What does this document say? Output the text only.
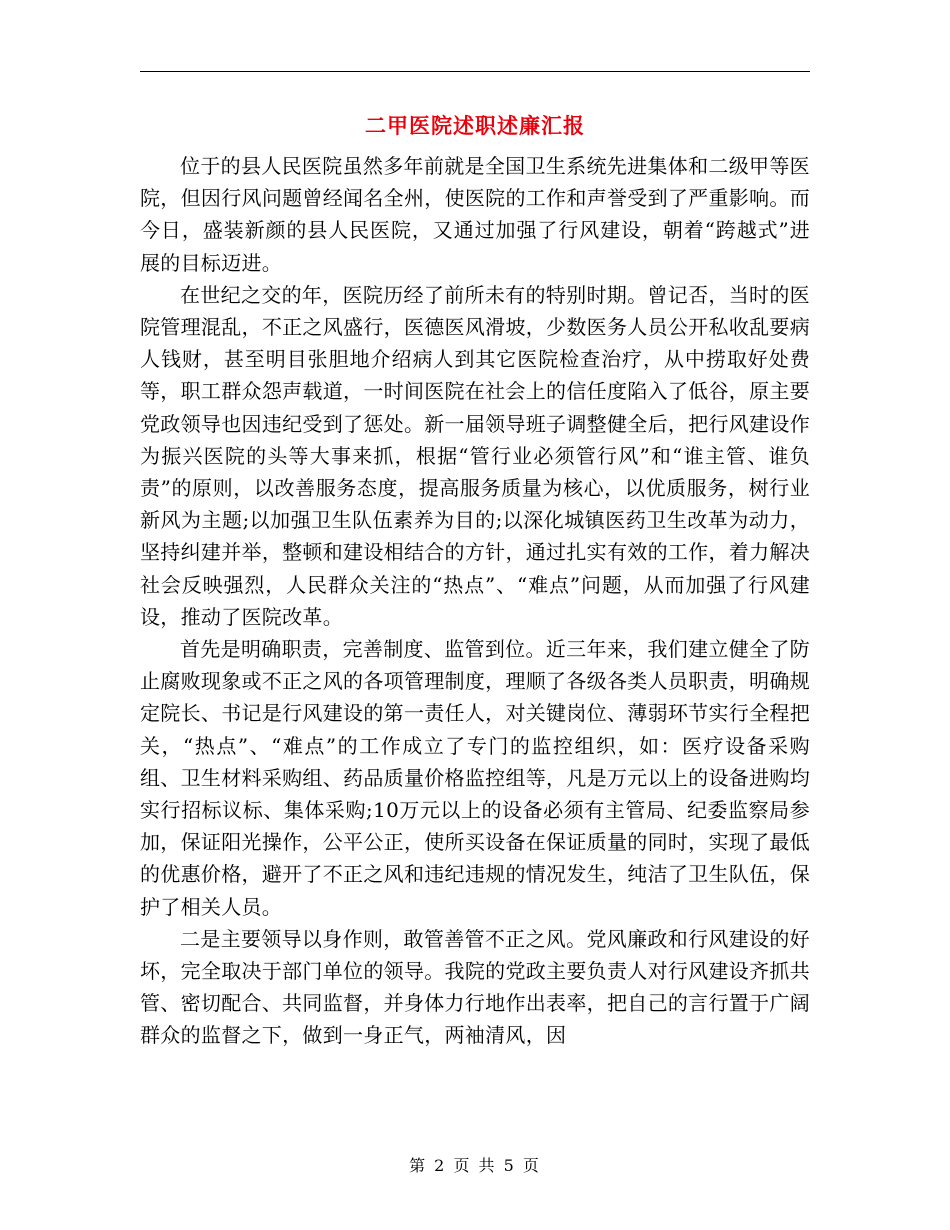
二甲医院述职述廉汇报

位于的县人民医院虽然多年前就是全国卫生系统先进集体和二级甲等医院，但因行风问题曾经闻名全州，使医院的工作和声誉受到了严重影响。而今日，盛装新颜的县人民医院，又通过加强了行风建设，朝着“跨越式”进展的目标迈进。

在世纪之交的年，医院历经了前所未有的特别时期。曾记否，当时的医院管理混乱，不正之风盛行，医德医风滑坡，少数医务人员公开私收乱要病人钱财，甚至明目张胆地介绍病人到其它医院检查治疗，从中捞取好处费等，职工群众怨声载道，一时间医院在社会上的信任度陷入了低谷，原主要党政领导也因违纪受到了惩处。新一届领导班子调整健全后，把行风建设作为振兴医院的头等大事来抓，根据“管行业必须管行风”和“谁主管、谁负责”的原则，以改善服务态度，提高服务质量为核心，以优质服务，树行业新风为主题;以加强卫生队伍素养为目的;以深化城镇医药卫生改革为动力，坚持纠建并举，整顿和建设相结合的方针，通过扎实有效的工作，着力解决社会反映强烈，人民群众关注的“热点”、“难点”问题，从而加强了行风建设，推动了医院改革。

首先是明确职责，完善制度、监管到位。近三年来，我们建立健全了防止腐败现象或不正之风的各项管理制度，理顺了各级各类人员职责，明确规定院长、书记是行风建设的第一责任人，对关键岗位、薄弱环节实行全程把关，“热点”、“难点”的工作成立了专门的监控组织，如：医疗设备采购组、卫生材料采购组、药品质量价格监控组等，凡是万元以上的设备进购均实行招标议标、集体采购;10万元以上的设备必须有主管局、纪委监察局参加，保证阳光操作，公平公正，使所买设备在保证质量的同时，实现了最低的优惠价格，避开了不正之风和违纪违规的情况发生，纯洁了卫生队伍，保护了相关人员。

二是主要领导以身作则，敢管善管不正之风。党风廉政和行风建设的好坏，完全取决于部门单位的领导。我院的党政主要负责人对行风建设齐抓共管、密切配合、共同监督，并身体力行地作出表率，把自己的言行置于广阔群众的监督之下，做到一身正气，两袖清风，因

第 2 页 共 5 页
